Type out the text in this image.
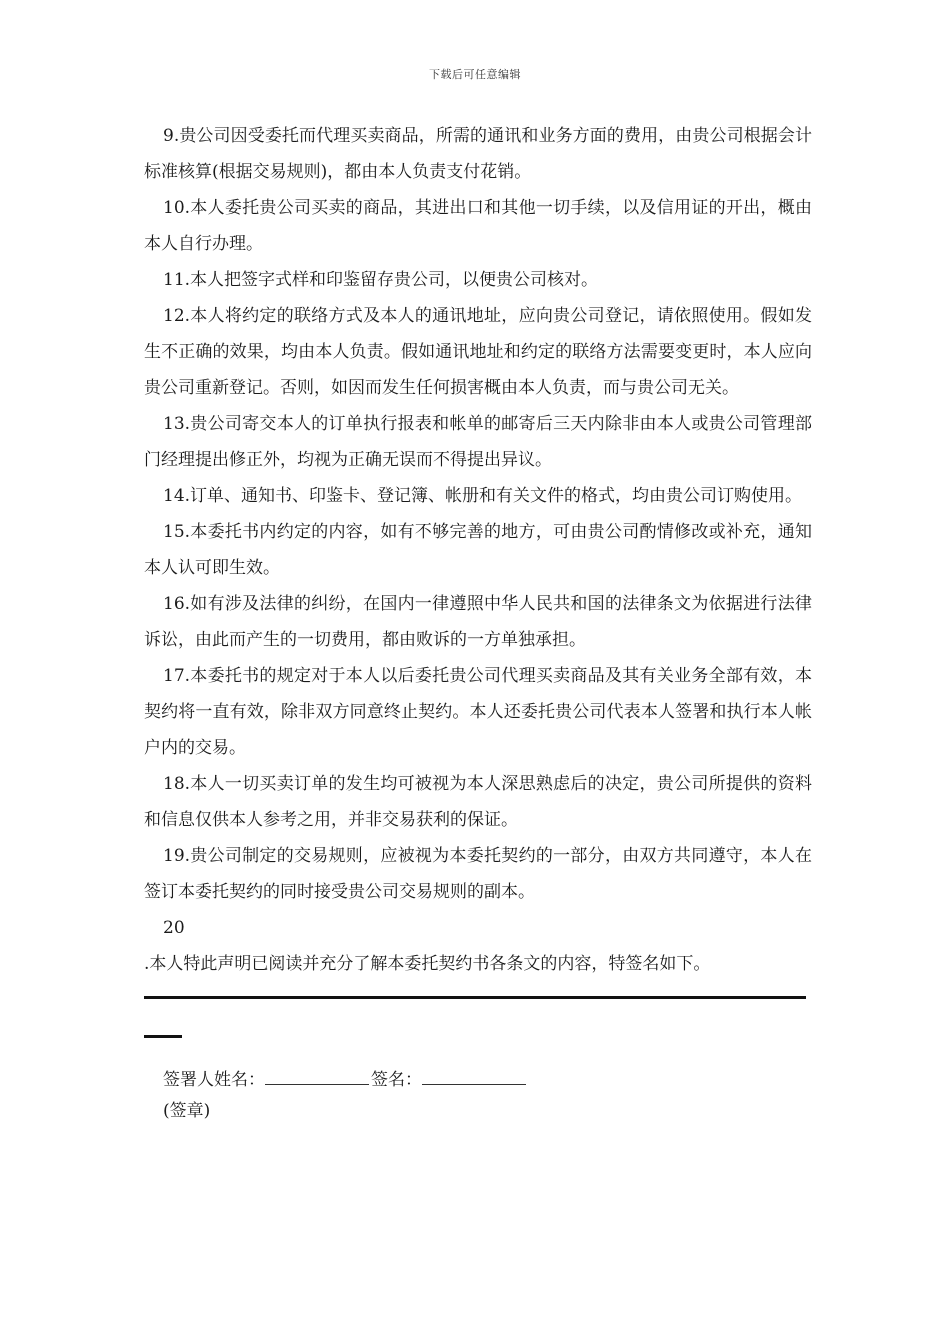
下载后可任意编辑

9.贵公司因受委托而代理买卖商品，所需的通讯和业务方面的费用，由贵公司根据会计标准核算(根据交易规则)，都由本人负责支付花销。

10.本人委托贵公司买卖的商品，其进出口和其他一切手续，以及信用证的开出，概由本人自行办理。

11.本人把签字式样和印鉴留存贵公司，以便贵公司核对。

12.本人将约定的联络方式及本人的通讯地址，应向贵公司登记，请依照使用。假如发生不正确的效果，均由本人负责。假如通讯地址和约定的联络方法需要变更时，本人应向贵公司重新登记。否则，如因而发生任何损害概由本人负责，而与贵公司无关。

13.贵公司寄交本人的订单执行报表和帐单的邮寄后三天内除非由本人或贵公司管理部门经理提出修正外，均视为正确无误而不得提出异议。

14.订单、通知书、印鉴卡、登记簿、帐册和有关文件的格式，均由贵公司订购使用。

15.本委托书内约定的内容，如有不够完善的地方，可由贵公司酌情修改或补充，通知本人认可即生效。

16.如有涉及法律的纠纷，在国内一律遵照中华人民共和国的法律条文为依据进行法律诉讼，由此而产生的一切费用，都由败诉的一方单独承担。

17.本委托书的规定对于本人以后委托贵公司代理买卖商品及其有关业务全部有效，本契约将一直有效，除非双方同意终止契约。本人还委托贵公司代表本人签署和执行本人帐户内的交易。

18.本人一切买卖订单的发生均可被视为本人深思熟虑后的决定，贵公司所提供的资料和信息仅供本人参考之用，并非交易获利的保证。

19.贵公司制定的交易规则，应被视为本委托契约的一部分，由双方共同遵守，本人在签订本委托契约的同时接受贵公司交易规则的副本。

20

.本人特此声明已阅读并充分了解本委托契约书各条文的内容，特签名如下。

签署人姓名：	签名：
(签章)
